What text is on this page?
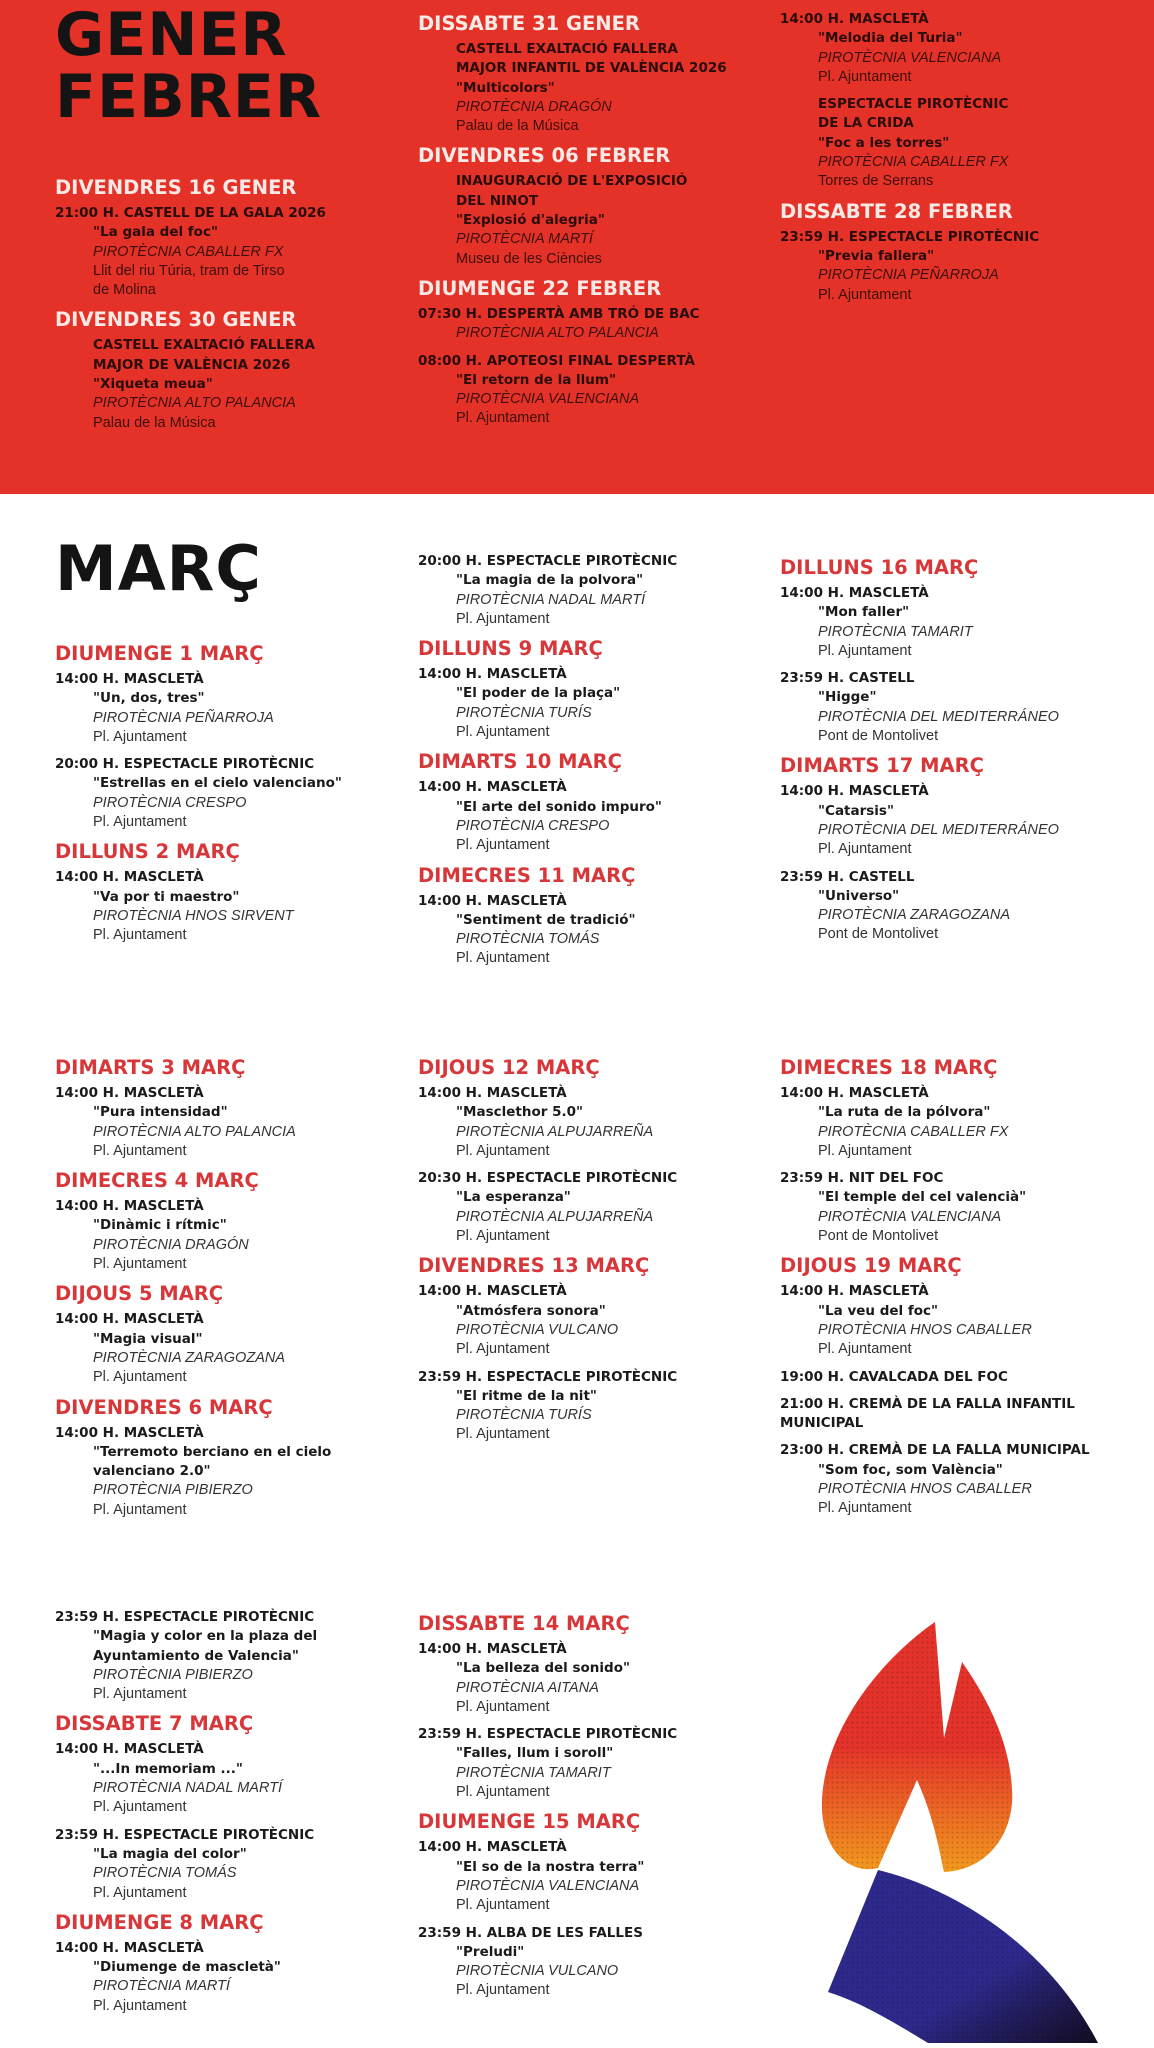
GENER
FEBRER
DIVENDRES 16 GENER
21:00 H. CASTELL DE LA GALA 2026
"La gala del foc"
PIROTÈCNIA CABALLER FX
Llit del riu Túria, tram de Tirso
de Molina
DIVENDRES 30 GENER
CASTELL EXALTACIÓ FALLERA
MAJOR DE VALÈNCIA 2026
"Xiqueta meua"
PIROTÈCNIA ALTO PALANCIA
Palau de la Música
DISSABTE 31 GENER
CASTELL EXALTACIÓ FALLERA
MAJOR INFANTIL DE VALÈNCIA 2026
"Multicolors"
PIROTÈCNIA DRAGÓN
Palau de la Música
DIVENDRES 06 FEBRER
INAUGURACIÓ DE L'EXPOSICIÓ
DEL NINOT
"Explosió d'alegria"
PIROTÈCNIA MARTÍ
Museu de les Ciències
DIUMENGE 22 FEBRER
07:30 H. DESPERTÀ AMB TRÓ DE BAC
PIROTÈCNIA ALTO PALANCIA
08:00 H. APOTEOSI FINAL DESPERTÀ
"El retorn de la llum"
PIROTÈCNIA VALENCIANA
Pl. Ajuntament
14:00 H. MASCLETÀ
"Melodia del Turia"
PIROTÈCNIA VALENCIANA
Pl. Ajuntament
ESPECTACLE PIROTÈCNIC
DE LA CRIDA
"Foc a les torres"
PIROTÈCNIA CABALLER FX
Torres de Serrans
DISSABTE 28 FEBRER
23:59 H. ESPECTACLE PIROTÈCNIC
"Previa fallera"
PIROTÈCNIA PEÑARROJA
Pl. Ajuntament
MARÇ
DIUMENGE 1 MARÇ
14:00 H. MASCLETÀ
"Un, dos, tres"
PIROTÈCNIA PEÑARROJA
Pl. Ajuntament
20:00 H. ESPECTACLE PIROTÈCNIC
"Estrellas en el cielo valenciano"
PIROTÈCNIA CRESPO
Pl. Ajuntament
DILLUNS 2 MARÇ
14:00 H. MASCLETÀ
"Va por ti maestro"
PIROTÈCNIA HNOS SIRVENT
Pl. Ajuntament
20:00 H. ESPECTACLE PIROTÈCNIC
"La magia de la polvora"
PIROTÈCNIA NADAL MARTÍ
Pl. Ajuntament
DILLUNS 9 MARÇ
14:00 H. MASCLETÀ
"El poder de la plaça"
PIROTÈCNIA TURÍS
Pl. Ajuntament
DIMARTS 10 MARÇ
14:00 H. MASCLETÀ
"El arte del sonido impuro"
PIROTÈCNIA CRESPO
Pl. Ajuntament
DIMECRES 11 MARÇ
14:00 H. MASCLETÀ
"Sentiment de tradició"
PIROTÈCNIA TOMÁS
Pl. Ajuntament
DILLUNS 16 MARÇ
14:00 H. MASCLETÀ
"Mon faller"
PIROTÈCNIA TAMARIT
Pl. Ajuntament
23:59 H. CASTELL
"Higge"
PIROTÈCNIA DEL MEDITERRÁNEO
Pont de Montolivet
DIMARTS 17 MARÇ
14:00 H. MASCLETÀ
"Catarsis"
PIROTÈCNIA DEL MEDITERRÁNEO
Pl. Ajuntament
23:59 H. CASTELL
"Universo"
PIROTÈCNIA ZARAGOZANA
Pont de Montolivet
DIMARTS 3 MARÇ
14:00 H. MASCLETÀ
"Pura intensidad"
PIROTÈCNIA ALTO PALANCIA
Pl. Ajuntament
DIMECRES 4 MARÇ
14:00 H. MASCLETÀ
"Dinàmic i rítmic"
PIROTÈCNIA DRAGÓN
Pl. Ajuntament
DIJOUS 5 MARÇ
14:00 H. MASCLETÀ
"Magia visual"
PIROTÈCNIA ZARAGOZANA
Pl. Ajuntament
DIVENDRES 6 MARÇ
14:00 H. MASCLETÀ
"Terremoto berciano en el cielo
valenciano 2.0"
PIROTÈCNIA PIBIERZO
Pl. Ajuntament
DIJOUS 12 MARÇ
14:00 H. MASCLETÀ
"Masclethor 5.0"
PIROTÈCNIA ALPUJARREÑA
Pl. Ajuntament
20:30 H. ESPECTACLE PIROTÈCNIC
"La esperanza"
PIROTÈCNIA ALPUJARREÑA
Pl. Ajuntament
DIVENDRES 13 MARÇ
14:00 H. MASCLETÀ
"Atmósfera sonora"
PIROTÈCNIA VULCANO
Pl. Ajuntament
23:59 H. ESPECTACLE PIROTÈCNIC
"El ritme de la nit"
PIROTÈCNIA TURÍS
Pl. Ajuntament
DIMECRES 18 MARÇ
14:00 H. MASCLETÀ
"La ruta de la pólvora"
PIROTÈCNIA CABALLER FX
Pl. Ajuntament
23:59 H. NIT DEL FOC
"El temple del cel valencià"
PIROTÈCNIA VALENCIANA
Pont de Montolivet
DIJOUS 19 MARÇ
14:00 H. MASCLETÀ
"La veu del foc"
PIROTÈCNIA HNOS CABALLER
Pl. Ajuntament
19:00 H. CAVALCADA DEL FOC
21:00 H. CREMÀ DE LA FALLA INFANTIL
MUNICIPAL
23:00 H. CREMÀ DE LA FALLA MUNICIPAL
"Som foc, som València"
PIROTÈCNIA HNOS CABALLER
Pl. Ajuntament
23:59 H. ESPECTACLE PIROTÈCNIC
"Magia y color en la plaza del
Ayuntamiento de Valencia"
PIROTÈCNIA PIBIERZO
Pl. Ajuntament
DISSABTE 7 MARÇ
14:00 H. MASCLETÀ
"...In memoriam ..."
PIROTÈCNIA NADAL MARTÍ
Pl. Ajuntament
23:59 H. ESPECTACLE PIROTÈCNIC
"La magia del color"
PIROTÈCNIA TOMÁS
Pl. Ajuntament
DIUMENGE 8 MARÇ
14:00 H. MASCLETÀ
"Diumenge de mascletà"
PIROTÈCNIA MARTÍ
Pl. Ajuntament
DISSABTE 14 MARÇ
14:00 H. MASCLETÀ
"La belleza del sonido"
PIROTÈCNIA AITANA
Pl. Ajuntament
23:59 H. ESPECTACLE PIROTÈCNIC
"Falles, llum i soroll"
PIROTÈCNIA TAMARIT
Pl. Ajuntament
DIUMENGE 15 MARÇ
14:00 H. MASCLETÀ
"El so de la nostra terra"
PIROTÈCNIA VALENCIANA
Pl. Ajuntament
23:59 H. ALBA DE LES FALLES
"Preludi"
PIROTÈCNIA VULCANO
Pl. Ajuntament
